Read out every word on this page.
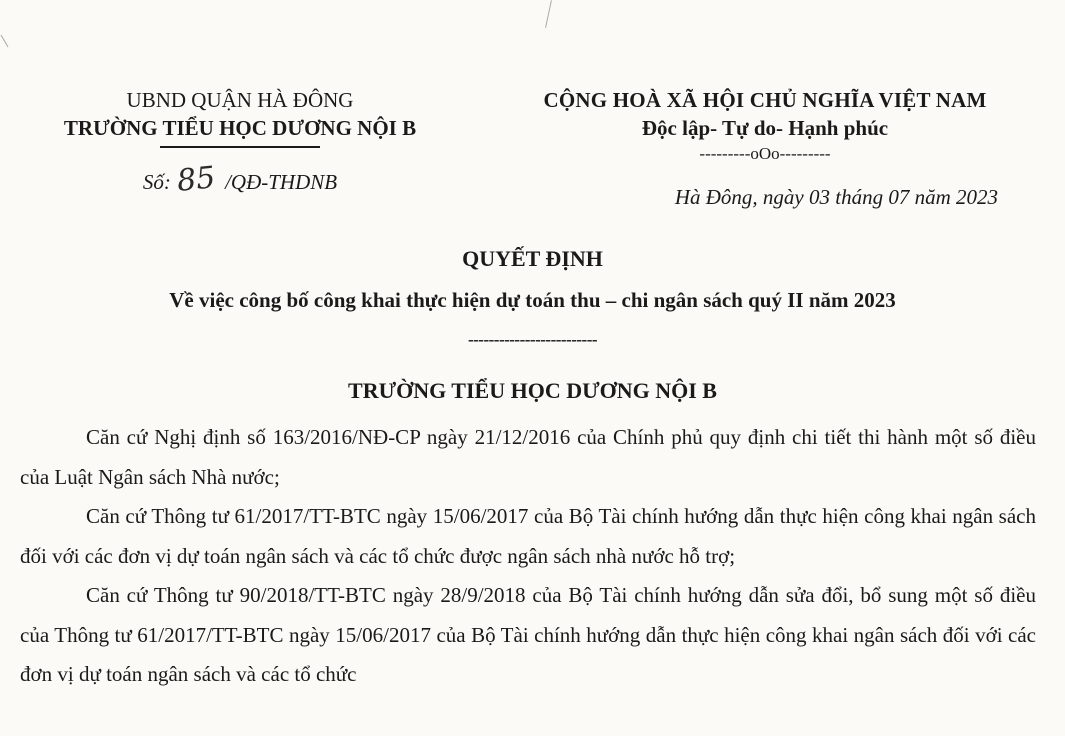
UBND QUẬN HÀ ĐÔNG
TRƯỜNG TIỂU HỌC DƯƠNG NỘI B
Số: 85 /QĐ-THDNB
CỘNG HOÀ XÃ HỘI CHỦ NGHĨA VIỆT NAM
Độc lập- Tự do- Hạnh phúc
---------oOo---------
Hà Đông, ngày 03 tháng 07 năm 2023
QUYẾT ĐỊNH
Về việc công bố công khai thực hiện dự toán thu – chi ngân sách quý II năm 2023
-------------------------
TRƯỜNG TIỂU HỌC DƯƠNG NỘI B

Căn cứ Nghị định số 163/2016/NĐ-CP ngày 21/12/2016 của Chính phủ quy định chi tiết thi hành một số điều của Luật Ngân sách Nhà nước;

Căn cứ Thông tư 61/2017/TT-BTC ngày 15/06/2017 của Bộ Tài chính hướng dẫn thực hiện công khai ngân sách đối với các đơn vị dự toán ngân sách và các tổ chức được ngân sách nhà nước hỗ trợ;

Căn cứ Thông tư 90/2018/TT-BTC ngày 28/9/2018 của Bộ Tài chính hướng dẫn sửa đổi, bổ sung một số điều của Thông tư 61/2017/TT-BTC ngày 15/06/2017 của Bộ Tài chính hướng dẫn thực hiện công khai ngân sách đối với các đơn vị dự toán ngân sách và các tổ chức
